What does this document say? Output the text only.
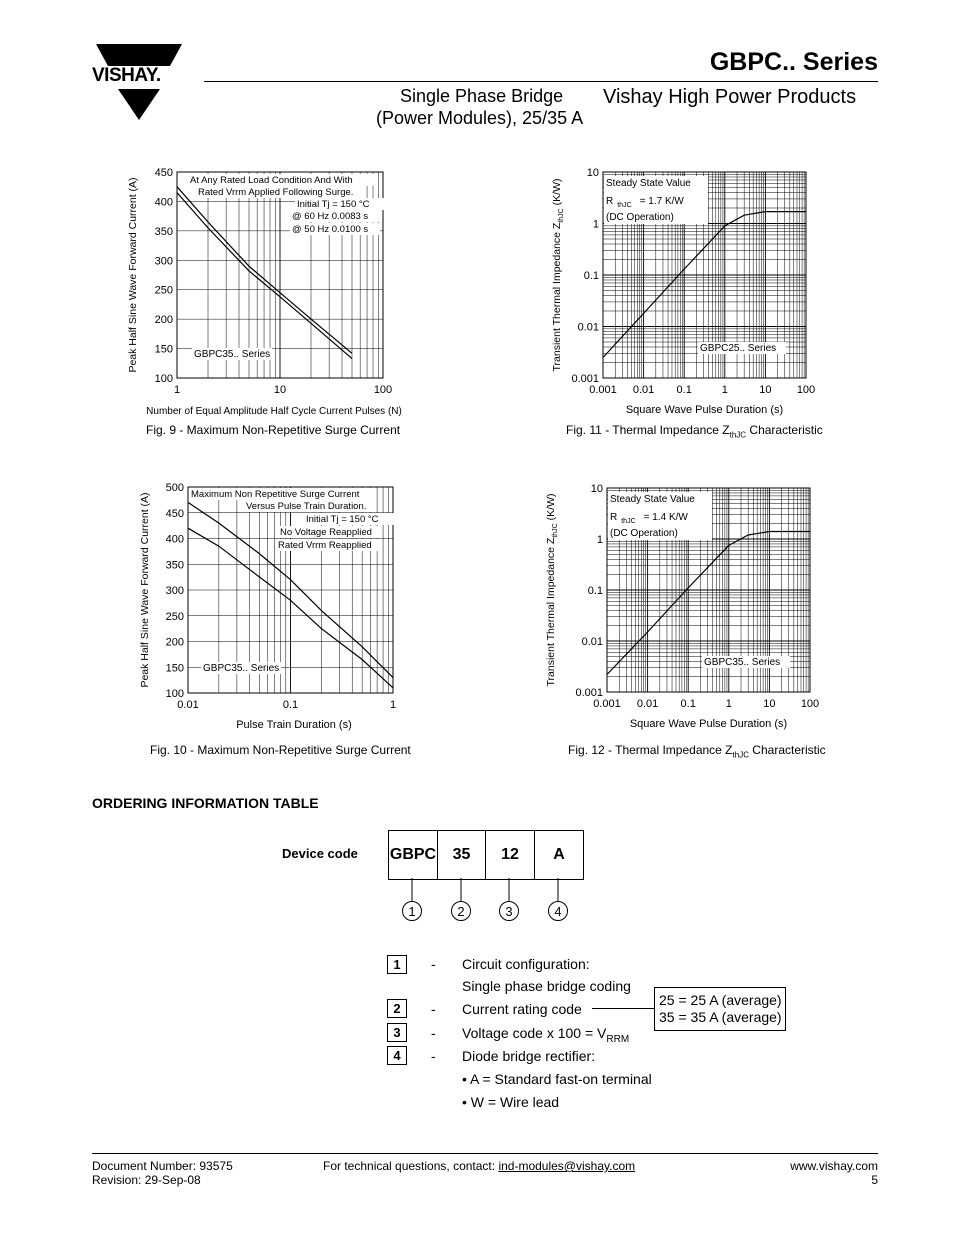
VISHAY.	GBPC.. Series
Single Phase Bridge
(Power Modules), 25/35 A
Vishay High Power Products
450
400
350
300
250
200
150
100
1	10	100
Peak Half Sine Wave Forward Current (A)
Number of Equal Amplitude Half Cycle Current Pulses (N)
At Any Rated Load Condition And With
Rated Vrrm Applied Following Surge.
Initial Tj = 150 °C
@ 60 Hz 0.0083 s
@ 50 Hz 0.0100 s
GBPC35.. Series
Fig. 9 - Maximum Non-Repetitive Surge Current
10
1
0.1
0.01
0.001
0.001 0.01 0.1	1	10 100
Transient Thermal Impedance $Z_{thJC}$ (K/W)
Square Wave Pulse Duration (s)
Steady State Value
R $_{thJC}$ = 1.7 K/W
(DC Operation)
GBPC25.. Series
Fig. 11 - Thermal Impedance $Z_{thJC}$ Characteristic
500
450
400
350
300
250
200
150
100
0.01	0.1	1
Peak Half Sine Wave Forward Current (A)
Pulse Train Duration (s)
Maximum Non Repetitive Surge Current
Versus Pulse Train Duration.
Initial Tj = 150 °C
No Voltage Reapplied
Rated Vrrm Reapplied
GBPC35.. Series
Fig. 10 - Maximum Non-Repetitive Surge Current
10
1
0.1
0.01
0.001
0.001 0.01 0.1	1	10 100
Transient Thermal Impedance $Z_{thJC}$ (K/W)
Square Wave Pulse Duration (s)
Steady State Value
R $_{thJC}$ = 1.4 K/W
(DC Operation)
GBPC35.. Series
Fig. 12 - Thermal Impedance $Z_{thJC}$ Characteristic
ORDERING INFORMATION TABLE
Device code GBPC	35	12	A
1	2	3	4
1	- Circuit configuration:
Single phase bridge coding
2	- Current rating code
25 = 25 A (average)
35 = 35 A (average)
3	- Voltage code x $100 = V_{RRM}$
4	- Diode bridge rectifier:
• A = Standard fast-on terminal
• W = Wire lead
Document Number: 93575
Revision: 29-Sep-08
For technical questions, contact: ind-modules@vishay.com	www.vishay.com
5
